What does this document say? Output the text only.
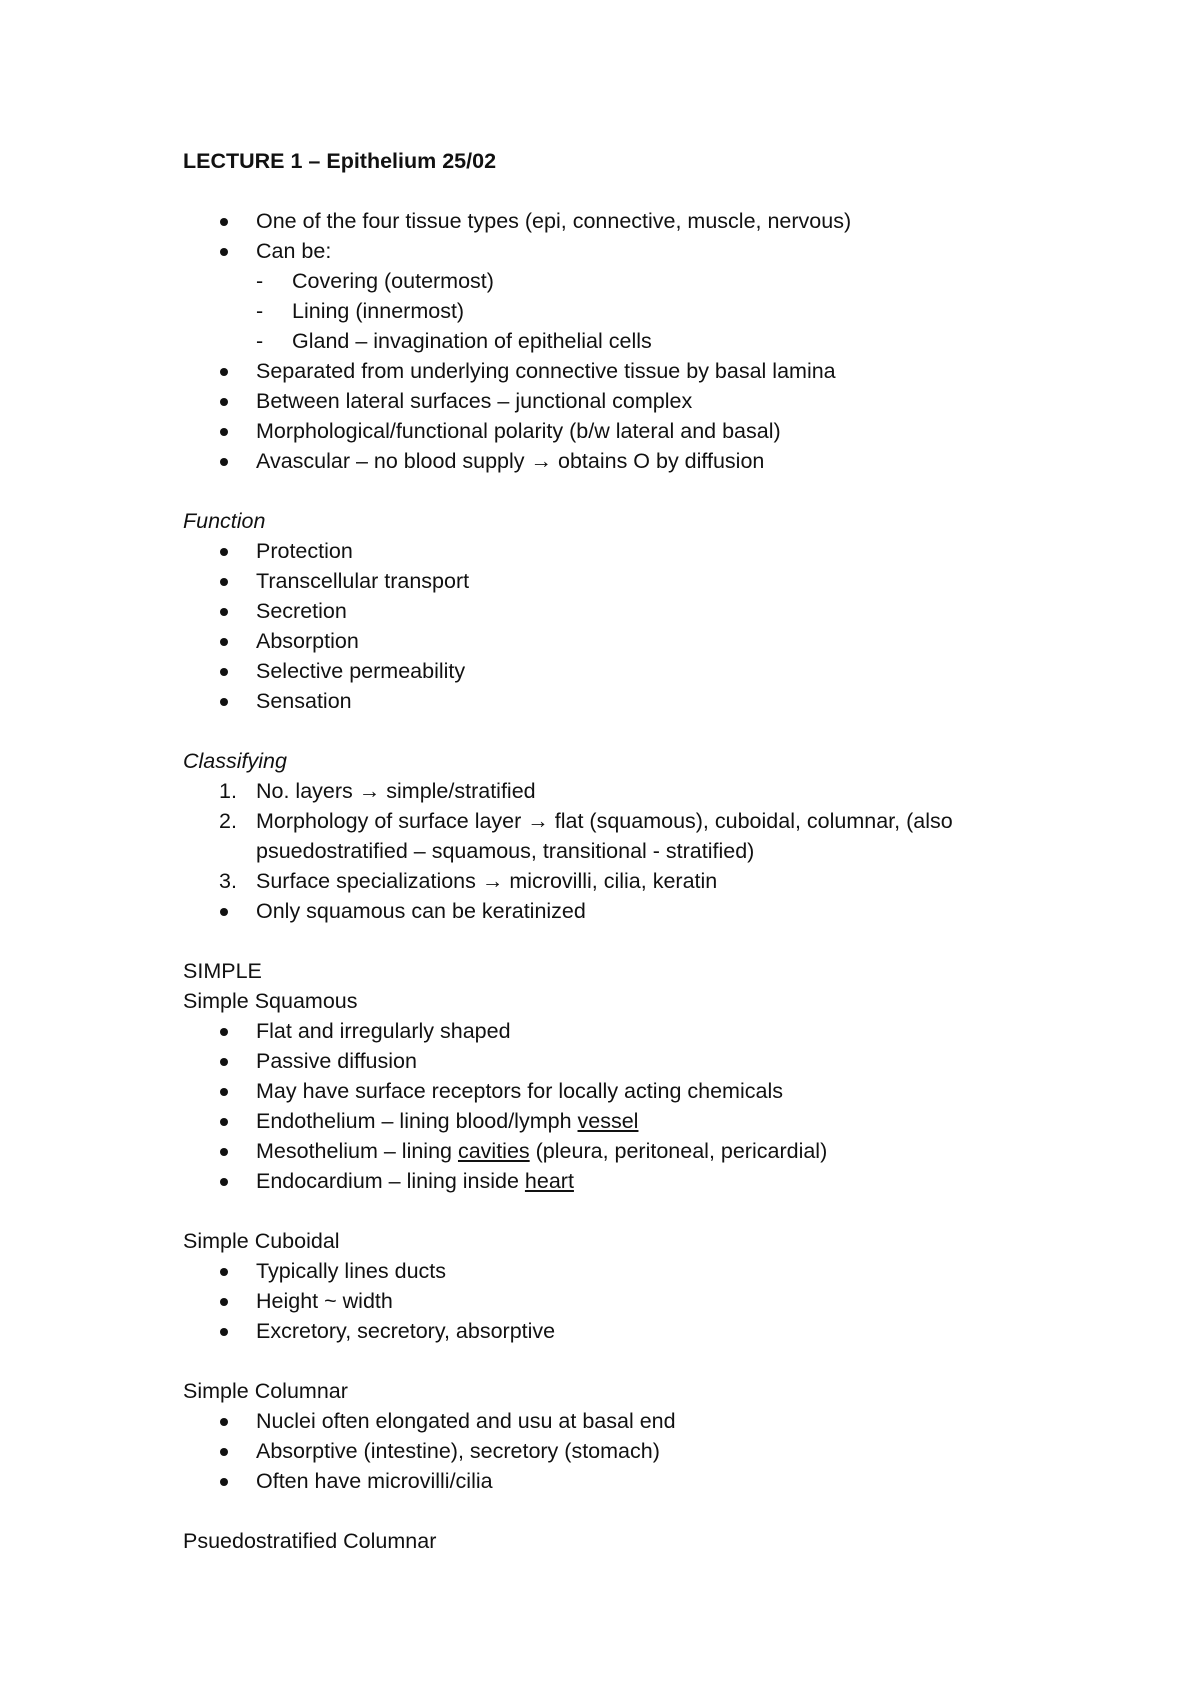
LECTURE 1 – Epithelium 25/02
One of the four tissue types (epi, connective, muscle, nervous)
Can be:
- Covering (outermost)
- Lining (innermost)
- Gland – invagination of epithelial cells
Separated from underlying connective tissue by basal lamina
Between lateral surfaces – junctional complex
Morphological/functional polarity (b/w lateral and basal)
Avascular – no blood supply → obtains O by diffusion
Function
Protection
Transcellular transport
Secretion
Absorption
Selective permeability
Sensation
Classifying
1. No. layers → simple/stratified
2. Morphology of surface layer → flat (squamous), cuboidal, columnar, (also
psuedostratified – squamous, transitional - stratified)
3. Surface specializations → microvilli, cilia, keratin
Only squamous can be keratinized
SIMPLE
Simple Squamous
Flat and irregularly shaped
Passive diffusion
May have surface receptors for locally acting chemicals
Endothelium – lining blood/lymph vessel
Mesothelium – lining cavities (pleura, peritoneal, pericardial)
Endocardium – lining inside heart
Simple Cuboidal
Typically lines ducts
Height ~ width
Excretory, secretory, absorptive
Simple Columnar
Nuclei often elongated and usu at basal end
Absorptive (intestine), secretory (stomach)
Often have microvilli/cilia
Psuedostratified Columnar
